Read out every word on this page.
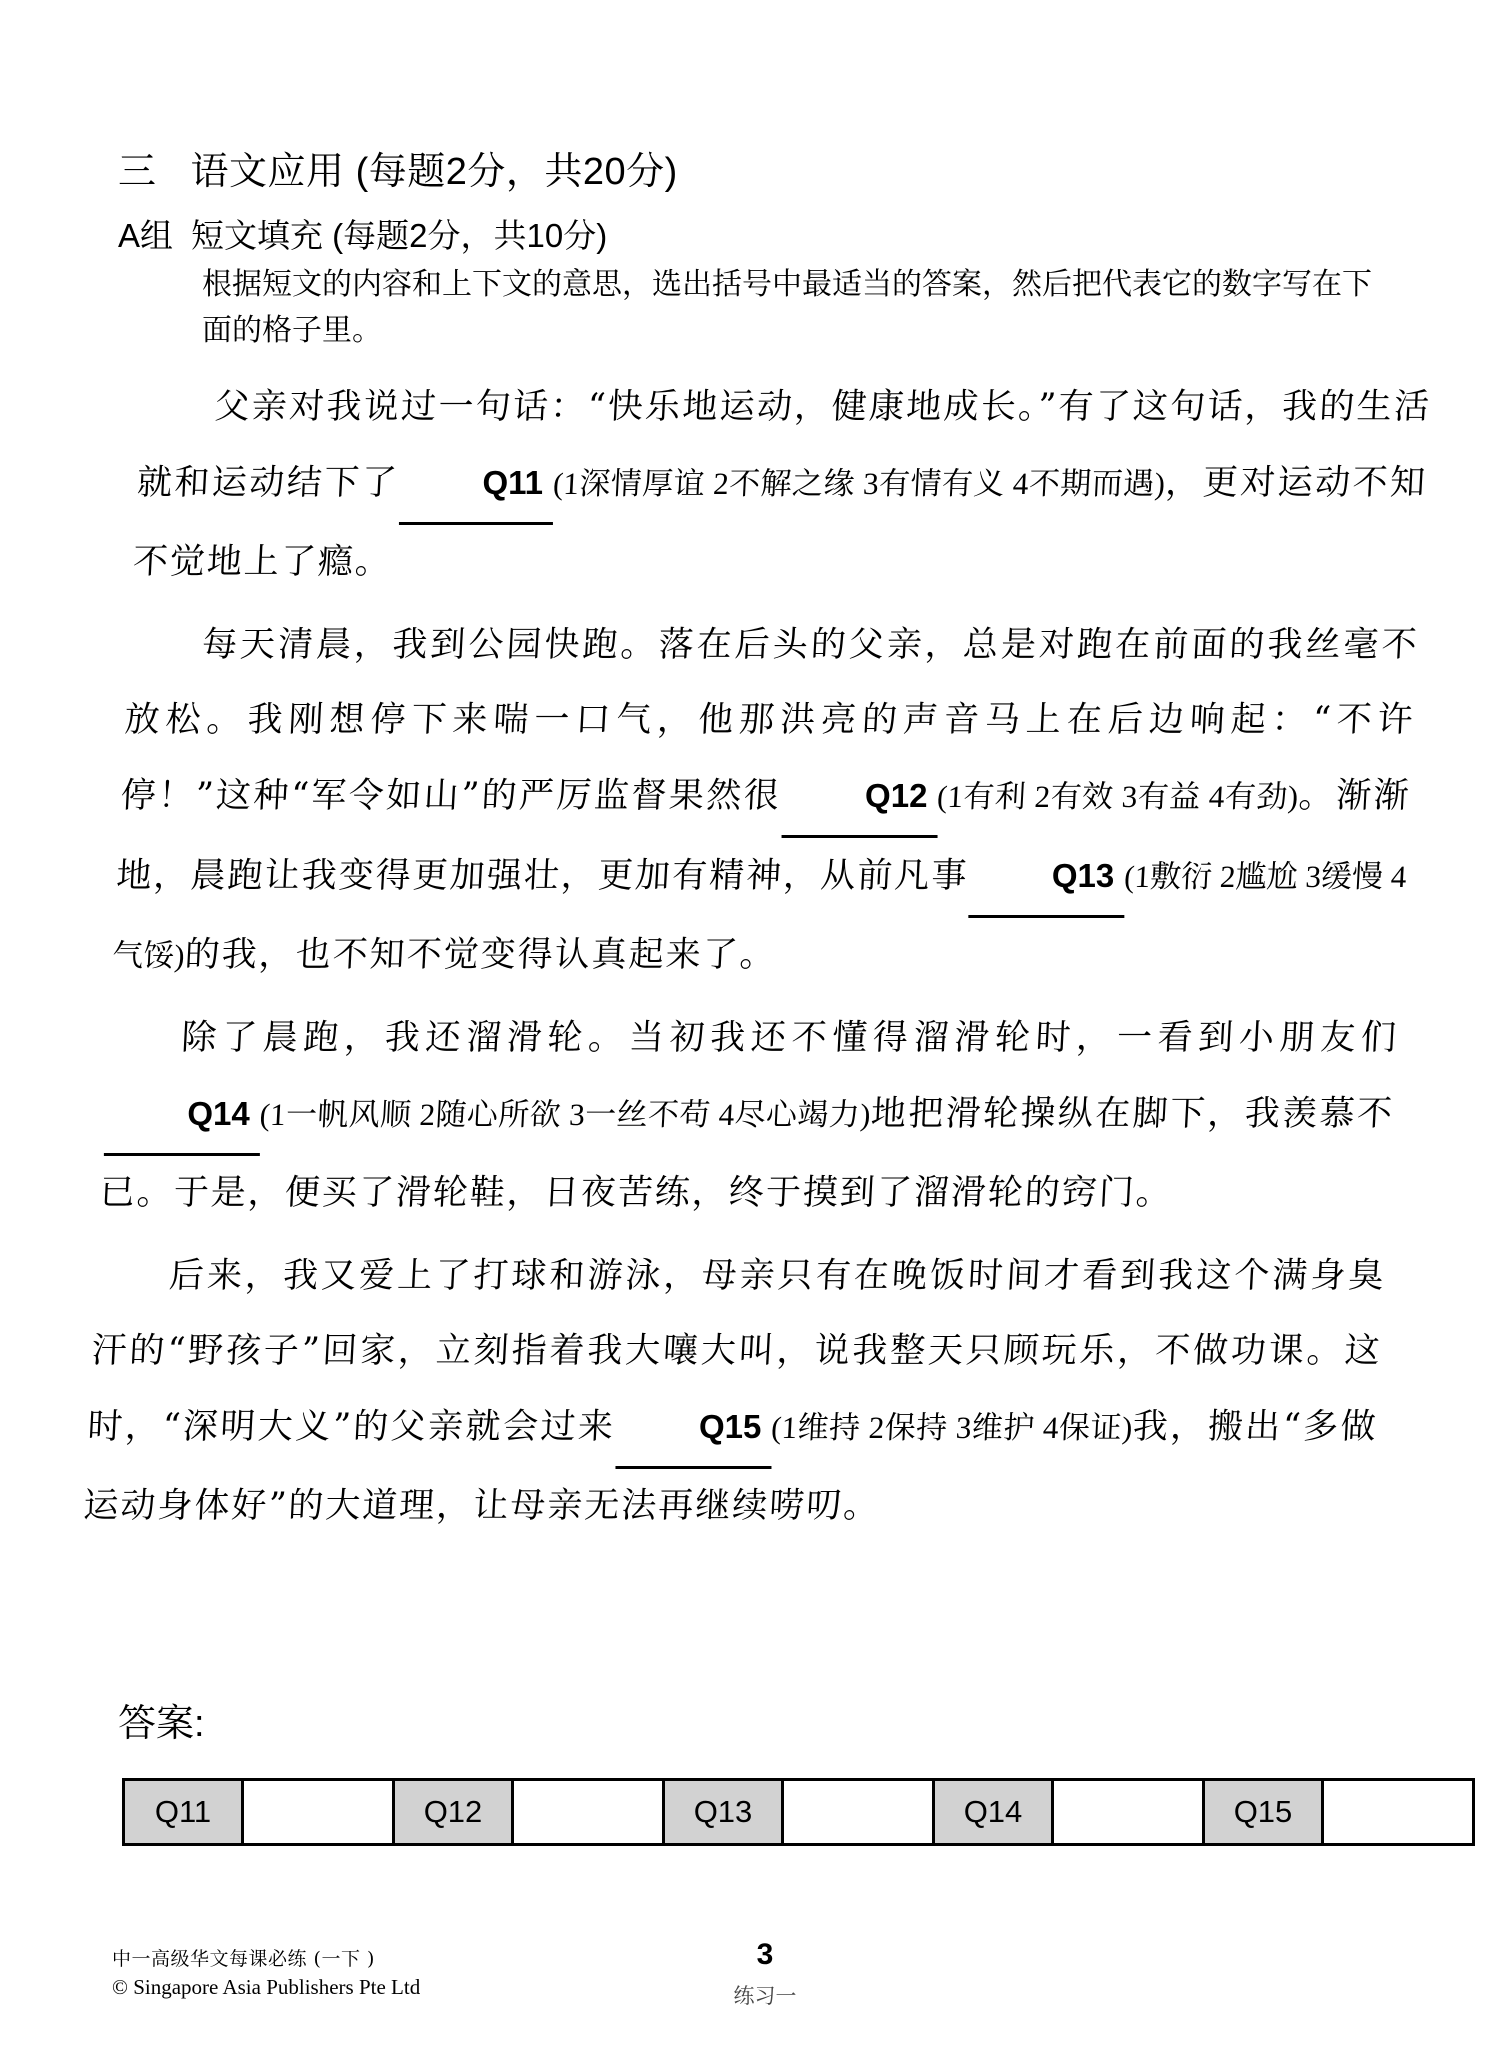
三 语文应用 (每题2分，共20分)
A组 短文填充 (每题2分，共10分)
根据短文的内容和上下文的意思，选出括号中最适当的答案，然后把代表它的数字写在下面的格子里。

父亲对我说过一句话：“快乐地运动，健康地成长。”有了这句话，我的生活就和运动结下了 Q11 (1深情厚谊 2不解之缘 3有情有义 4不期而遇)，更对运动不知不觉地上了瘾。

每天清晨，我到公园快跑。落在后头的父亲，总是对跑在前面的我丝毫不放松。我刚想停下来喘一口气，他那洪亮的声音马上在后边响起：“不许停！”这种“军令如山”的严厉监督果然很 Q12 (1有利 2有效 3有益 4有劲)。渐渐地，晨跑让我变得更加强壮，更加有精神，从前凡事 Q13 (1敷衍 2尴尬 3缓慢 4气馁)的我，也不知不觉变得认真起来了。

除了晨跑，我还溜滑轮。当初我还不懂得溜滑轮时，一看到小朋友们Q14 (1一帆风顺 2随心所欲 3一丝不苟 4尽心竭力)地把滑轮操纵在脚下，我羡慕不已。于是，便买了滑轮鞋，日夜苦练，终于摸到了溜滑轮的窍门。

后来，我又爱上了打球和游泳，母亲只有在晚饭时间才看到我这个满身臭汗的“野孩子”回家，立刻指着我大嚷大叫，说我整天只顾玩乐，不做功课。这时，“深明大义”的父亲就会过来 Q15 (1维持 2保持 3维护 4保证)我，搬出“多做运动身体好”的大道理，让母亲无法再继续唠叨。

答案:
Q11		Q12		Q13		Q14		Q15	
中一高级华文每课必练 (一下 )
© Singapore Asia Publishers Pte Ltd
3
练习一
